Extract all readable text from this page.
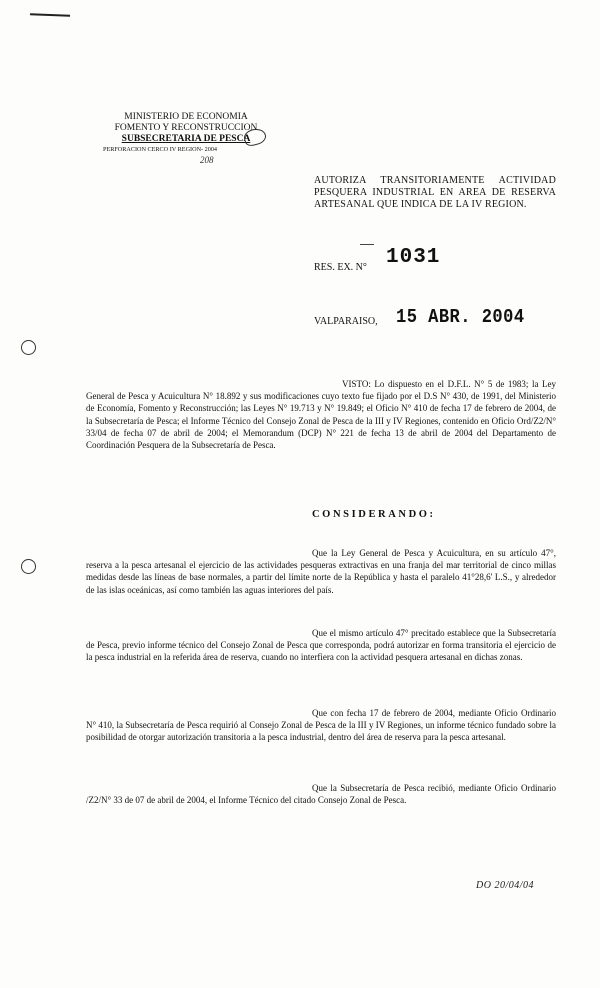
MINISTERIO DE ECONOMIA
FOMENTO Y RECONSTRUCCION
SUBSECRETARIA DE PESCA
PERFORACION CERCO IV REGION- 2004
208
AUTORIZA TRANSITORIAMENTE ACTIVIDAD PESQUERA INDUSTRIAL EN AREA DE RESERVA ARTESANAL QUE INDICA DE LA IV REGION.
RES. EX. N° 1031
VALPARAISO, 15 ABR. 2004
VISTO: Lo dispuesto en el D.F.L. N° 5 de 1983; la Ley General de Pesca y Acuicultura N° 18.892 y sus modificaciones cuyo texto fue fijado por el D.S N° 430, de 1991, del Ministerio de Economía, Fomento y Reconstrucción; las Leyes N° 19.713 y N° 19.849; el Oficio N° 410 de fecha 17 de febrero de 2004, de la Subsecretaría de Pesca; el Informe Técnico del Consejo Zonal de Pesca de la III y IV Regiones, contenido en Oficio Ord/Z2/N° 33/04 de fecha 07 de abril de 2004; el Memorandum (DCP) N° 221 de fecha 13 de abril de 2004 del Departamento de Coordinación Pesquera de la Subsecretaría de Pesca.
CONSIDERANDO:
Que la Ley General de Pesca y Acuicultura, en su artículo 47°, reserva a la pesca artesanal el ejercicio de las actividades pesqueras extractivas en una franja del mar territorial de cinco millas medidas desde las líneas de base normales, a partir del límite norte de la República y hasta el paralelo 41°28,6' L.S., y alrededor de las islas oceánicas, así como también las aguas interiores del país.
Que el mismo artículo 47° precitado establece que la Subsecretaría de Pesca, previo informe técnico del Consejo Zonal de Pesca que corresponda, podrá autorizar en forma transitoria el ejercicio de la pesca industrial en la referida área de reserva, cuando no interfiera con la actividad pesquera artesanal en dichas zonas.
Que con fecha 17 de febrero de 2004, mediante Oficio Ordinario N° 410, la Subsecretaría de Pesca requirió al Consejo Zonal de Pesca de la III y IV Regiones, un informe técnico fundado sobre la posibilidad de otorgar autorización transitoria a la pesca industrial, dentro del área de reserva para la pesca artesanal.
Que la Subsecretaría de Pesca recibió, mediante Oficio Ordinario /Z2/N° 33 de 07 de abril de 2004, el Informe Técnico del citado Consejo Zonal de Pesca.
DO 20/04/04
